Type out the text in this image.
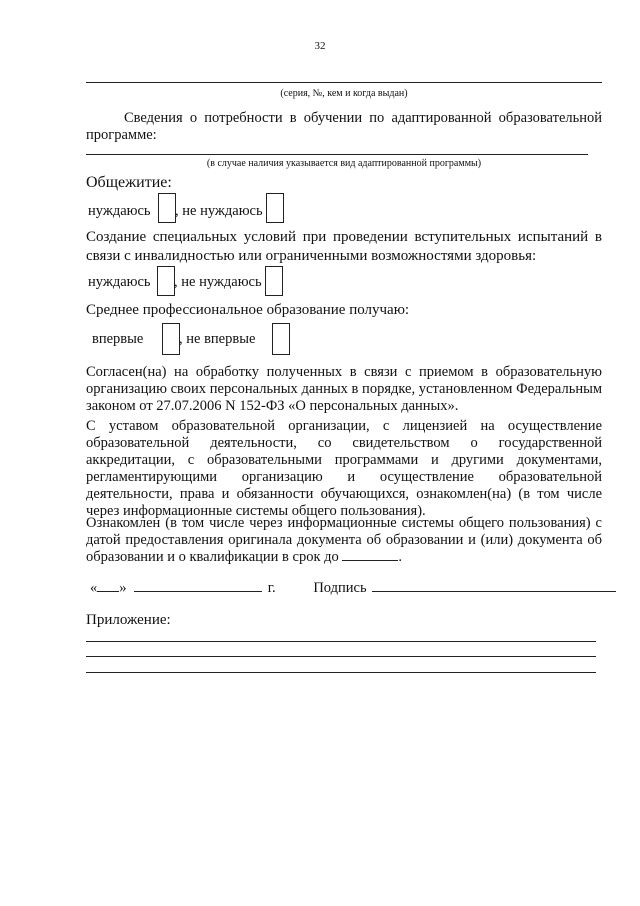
32
(серия, №, кем и когда выдан)
Сведения о потребности в обучении по адаптированной образовательной программе:
(в случае наличия указывается вид адаптированной программы)
Общежитие:
нуждаюсь , не нуждаюсь
Создание специальных условий при проведении вступительных испытаний в связи с инвалидностью или ограниченными возможностями здоровья:
нуждаюсь , не нуждаюсь
Среднее профессиональное образование получаю:
впервые , не впервые
Согласен(на) на обработку полученных в связи с приемом в образовательную организацию своих персональных данных в порядке, установленном Федеральным законом от 27.07.2006 N 152-ФЗ «О персональных данных».
С уставом образовательной организации, с лицензией на осуществление образовательной деятельности, со свидетельством о государственной аккредитации, с образовательными программами и другими документами, регламентирующими организацию и осуществление образовательной деятельности, права и обязанности обучающихся, ознакомлен(на) (в том числе через информационные системы общего пользования).
Ознакомлен (в том числе через информационные системы общего пользования) с датой предоставления оригинала документа об образовании и (или) документа об образовании и о квалификации в срок до	.
« »	г.	Подпись
Приложение:
